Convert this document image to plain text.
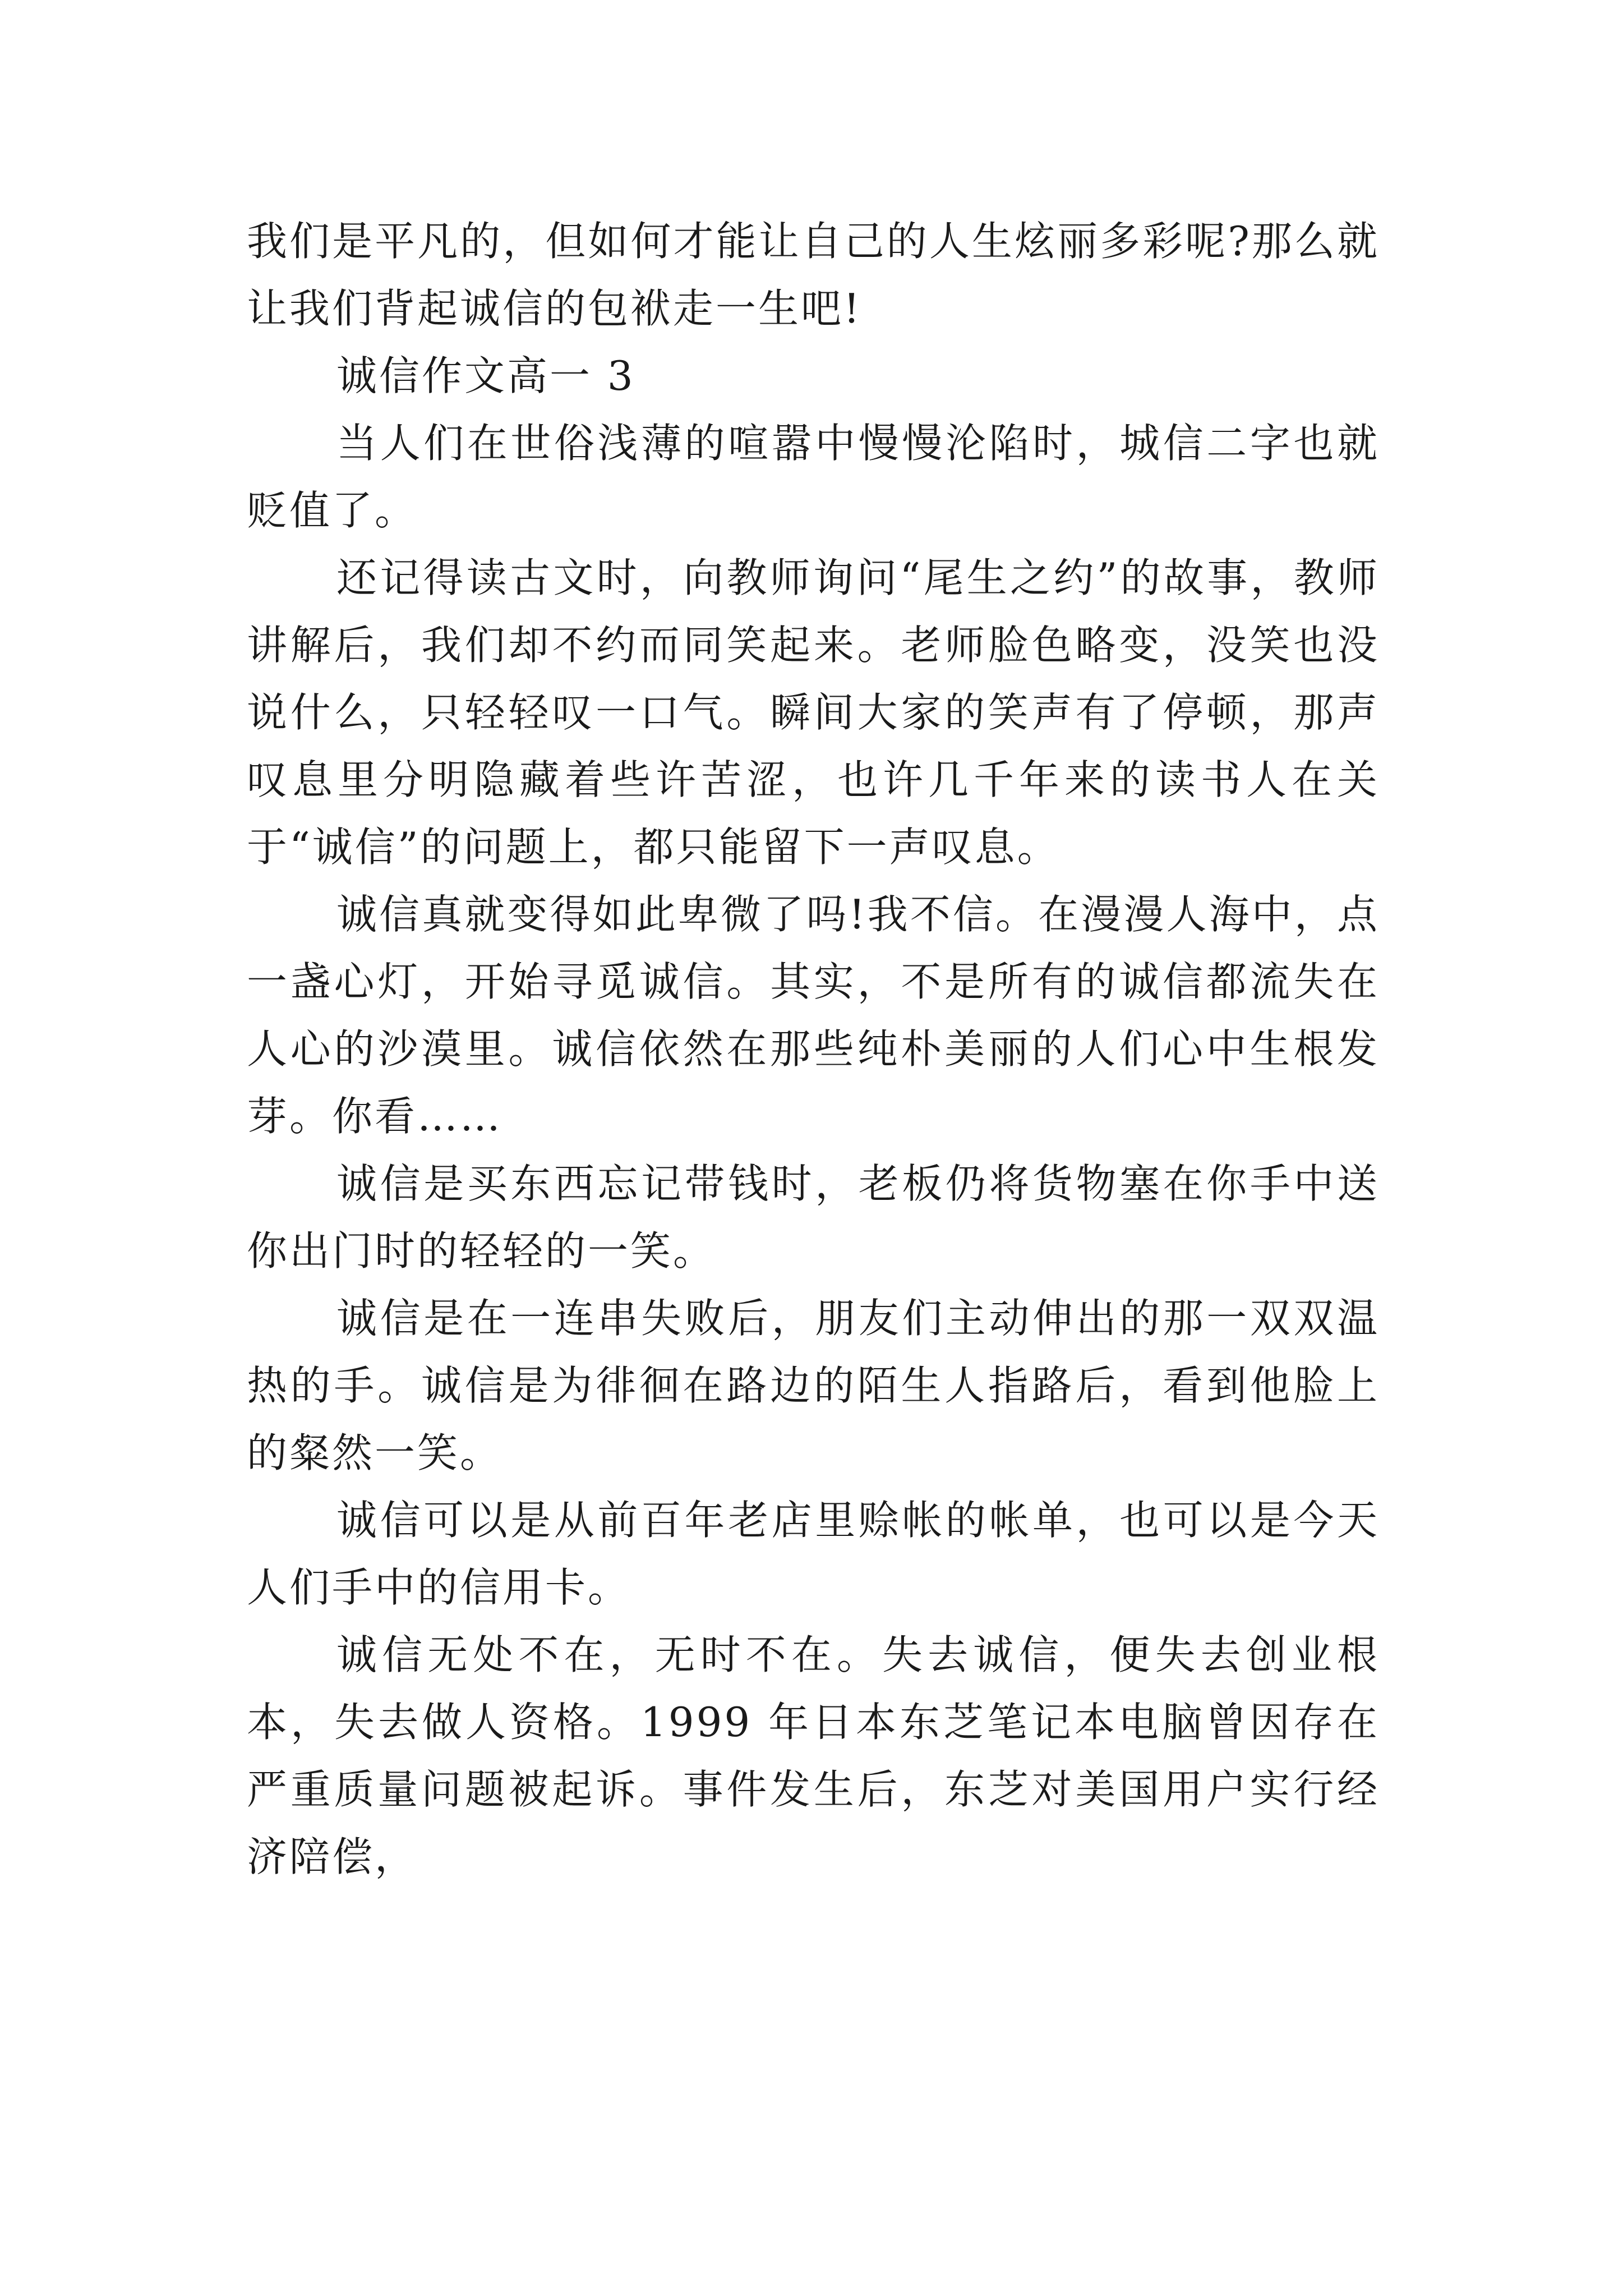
我们是平凡的，但如何才能让自己的人生炫丽多彩呢?那么就让我们背起诚信的包袱走一生吧!

诚信作文高一 3

当人们在世俗浅薄的喧嚣中慢慢沦陷时，城信二字也就贬值了。

还记得读古文时，向教师询问“尾生之约”的故事，教师讲解后，我们却不约而同笑起来。老师脸色略变，没笑也没说什么，只轻轻叹一口气。瞬间大家的笑声有了停顿，那声叹息里分明隐藏着些许苦涩，也许几千年来的读书人在关于“诚信”的问题上，都只能留下一声叹息。

诚信真就变得如此卑微了吗!我不信。在漫漫人海中，点一盏心灯，开始寻觅诚信。其实，不是所有的诚信都流失在人心的沙漠里。诚信依然在那些纯朴美丽的人们心中生根发芽。你看……

诚信是买东西忘记带钱时，老板仍将货物塞在你手中送你出门时的轻轻的一笑。

诚信是在一连串失败后，朋友们主动伸出的那一双双温热的手。诚信是为徘徊在路边的陌生人指路后，看到他脸上的粲然一笑。

诚信可以是从前百年老店里赊帐的帐单，也可以是今天人们手中的信用卡。

诚信无处不在，无时不在。失去诚信，便失去创业根本，失去做人资格。1999 年日本东芝笔记本电脑曾因存在严重质量问题被起诉。事件发生后，东芝对美国用户实行经济陪偿，
